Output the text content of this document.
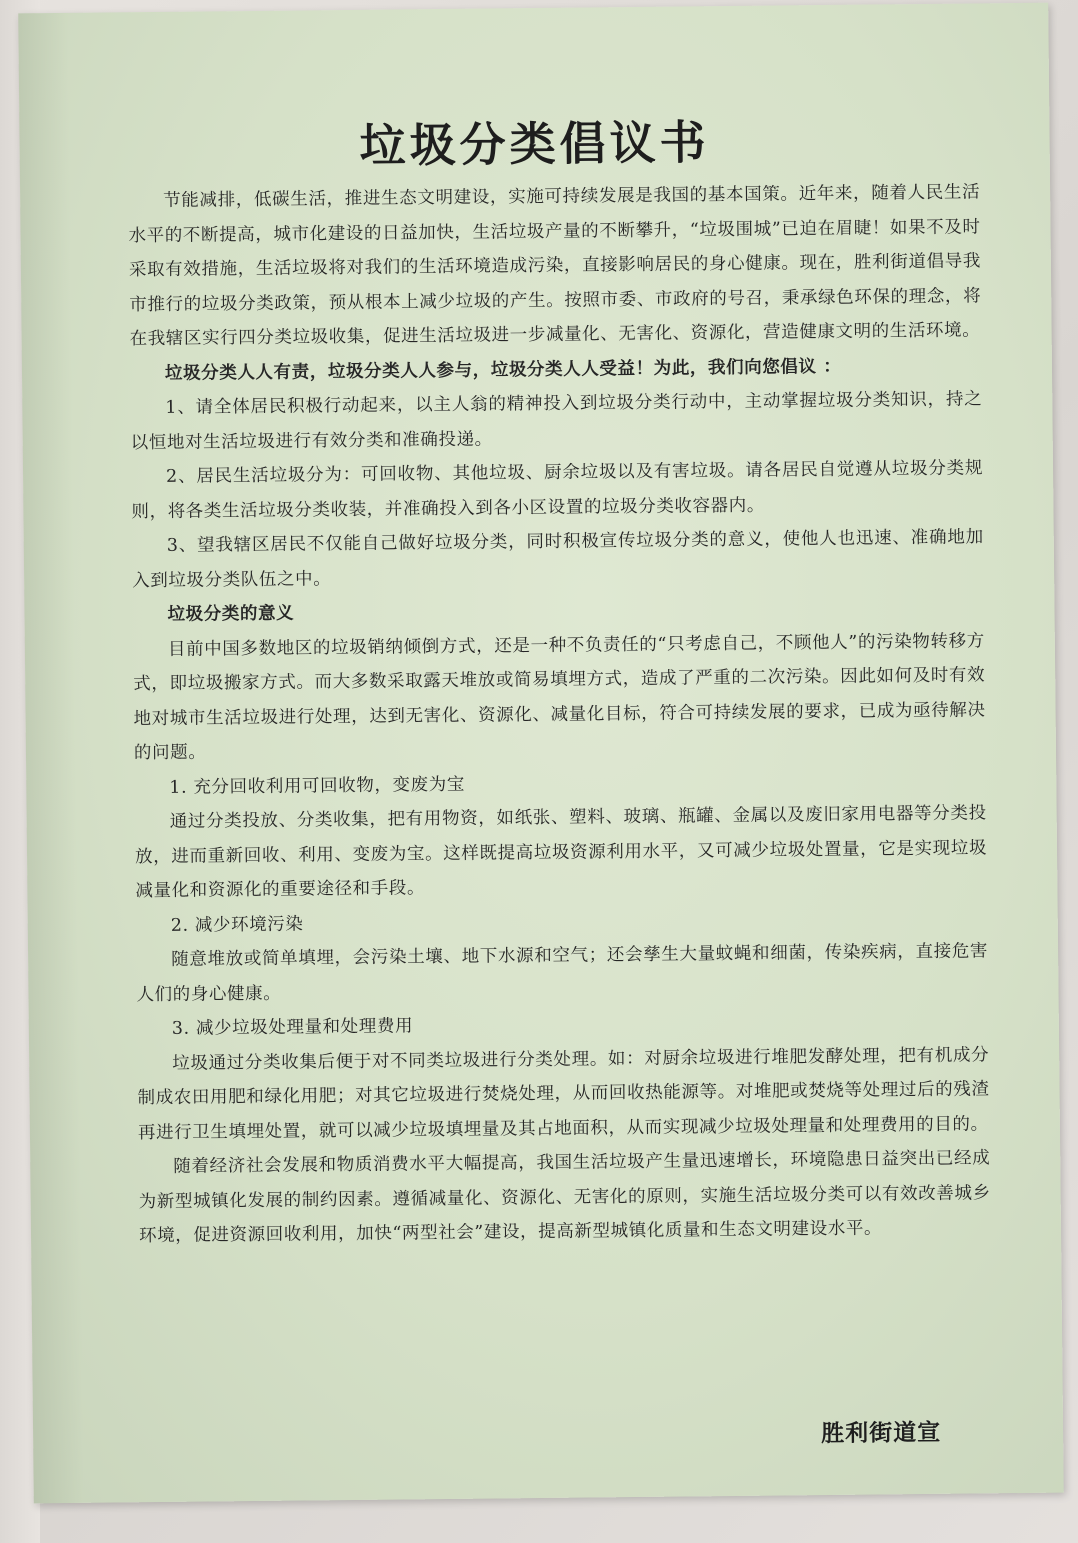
垃圾分类倡议书

节能减排，低碳生活，推进生态文明建设，实施可持续发展是我国的基本国策。近年来，随着人民生活水平的不断提高，城市化建设的日益加快，生活垃圾产量的不断攀升，“垃圾围城”已迫在眉睫！如果不及时采取有效措施，生活垃圾将对我们的生活环境造成污染，直接影响居民的身心健康。现在，胜利街道倡导我市推行的垃圾分类政策，预从根本上减少垃圾的产生。按照市委、市政府的号召，秉承绿色环保的理念，将在我辖区实行四分类垃圾收集，促进生活垃圾进一步减量化、无害化、资源化，营造健康文明的生活环境。

垃圾分类人人有责，垃圾分类人人参与，垃圾分类人人受益！为此，我们向您倡议 ：

1、请全体居民积极行动起来，以主人翁的精神投入到垃圾分类行动中，主动掌握垃圾分类知识，持之以恒地对生活垃圾进行有效分类和准确投递。

2、居民生活垃圾分为：可回收物、其他垃圾、厨余垃圾以及有害垃圾。请各居民自觉遵从垃圾分类规则，将各类生活垃圾分类收装，并准确投入到各小区设置的垃圾分类收容器内。

3、望我辖区居民不仅能自己做好垃圾分类，同时积极宣传垃圾分类的意义，使他人也迅速、准确地加入到垃圾分类队伍之中。

垃圾分类的意义

目前中国多数地区的垃圾销纳倾倒方式，还是一种不负责任的“只考虑自己，不顾他人”的污染物转移方式，即垃圾搬家方式。而大多数采取露天堆放或简易填埋方式，造成了严重的二次污染。因此如何及时有效地对城市生活垃圾进行处理，达到无害化、资源化、减量化目标，符合可持续发展的要求，已成为亟待解决的问题。

1. 充分回收利用可回收物，变废为宝

通过分类投放、分类收集，把有用物资，如纸张、塑料、玻璃、瓶罐、金属以及废旧家用电器等分类投放，进而重新回收、利用、变废为宝。这样既提高垃圾资源利用水平，又可减少垃圾处置量，它是实现垃圾减量化和资源化的重要途径和手段。

2. 减少环境污染

随意堆放或简单填埋，会污染土壤、地下水源和空气；还会孳生大量蚊蝇和细菌，传染疾病，直接危害人们的身心健康。

3. 减少垃圾处理量和处理费用

垃圾通过分类收集后便于对不同类垃圾进行分类处理。如：对厨余垃圾进行堆肥发酵处理，把有机成分制成农田用肥和绿化用肥；对其它垃圾进行焚烧处理，从而回收热能源等。对堆肥或焚烧等处理过后的残渣再进行卫生填埋处置，就可以减少垃圾填埋量及其占地面积，从而实现减少垃圾处理量和处理费用的目的。

随着经济社会发展和物质消费水平大幅提高，我国生活垃圾产生量迅速增长，环境隐患日益突出已经成为新型城镇化发展的制约因素。遵循减量化、资源化、无害化的原则，实施生活垃圾分类可以有效改善城乡环境，促进资源回收利用，加快“两型社会”建设，提高新型城镇化质量和生态文明建设水平。

胜利街道宣
